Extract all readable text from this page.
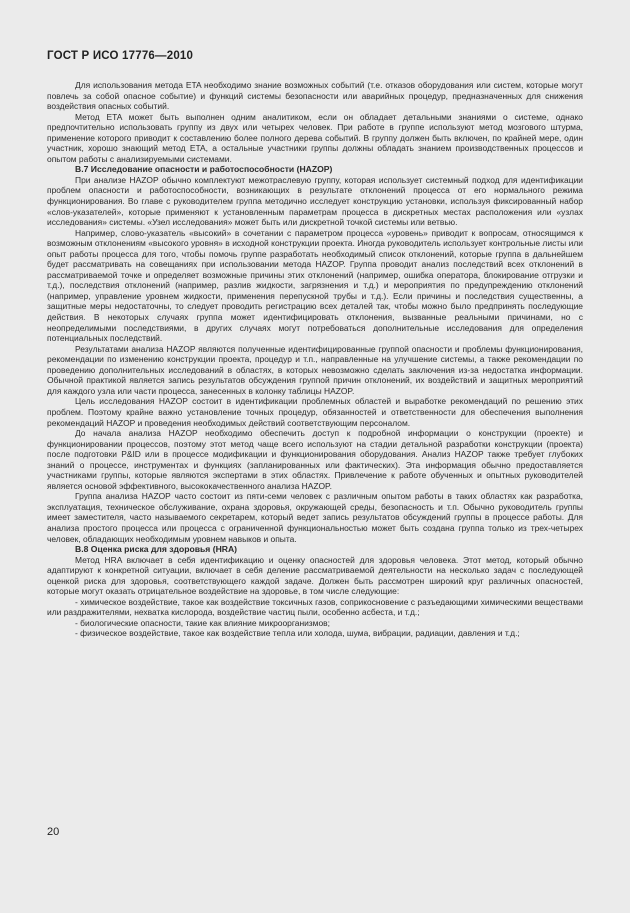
ГОСТ Р ИСО 17776—2010

Для использования метода ETA необходимо знание возможных событий (т.е. отказов оборудования или систем, которые могут повлечь за собой опасное событие) и функций системы безопасности или аварийных процедур, предназначенных для снижения воздействия опасных событий.

Метод ETA может быть выполнен одним аналитиком, если он обладает детальными знаниями о системе, однако предпочтительно использовать группу из двух или четырех человек. При работе в группе используют метод мозгового штурма, применение которого приводит к составлению более полного дерева событий. В группу должен быть включен, по крайней мере, один участник, хорошо знающий метод ETA, а остальные участники группы должны обладать знанием производственных процессов и опытом работы с анализируемыми системами.

В.7 Исследование опасности и работоспособности (HAZOP)

При анализе HAZOP обычно комплектуют межотраслевую группу, которая использует системный подход для идентификации проблем опасности и работоспособности, возникающих в результате отклонений процесса от его нормального режима функционирования. Во главе с руководителем группа методично исследует конструкцию установки, используя фиксированный набор «слов-указателей», которые применяют к установленным параметрам процесса в дискретных местах расположения или «узлах исследования» системы. «Узел исследования» может быть или дискретной точкой системы или ветвью.

Например, слово-указатель «высокий» в сочетании с параметром процесса «уровень» приводит к вопросам, относящимся к возможным отклонениям «высокого уровня» в исходной конструкции проекта. Иногда руководитель использует контрольные листы или опыт работы процесса для того, чтобы помочь группе разработать необходимый список отклонений, которые группа в дальнейшем будет рассматривать на совещаниях при использовании метода HAZOP. Группа проводит анализ последствий всех отклонений в рассматриваемой точке и определяет возможные причины этих отклонений (например, ошибка оператора, блокирование отгрузки и т.д.), последствия отклонений (например, разлив жидкости, загрязнения и т.д.) и мероприятия по предупреждению отклонений (например, управление уровнем жидкости, применения перепускной трубы и т.д.). Если причины и последствия существенны, а защитные меры недостаточны, то следует проводить регистрацию всех деталей так, чтобы можно было предпринять последующие действия. В некоторых случаях группа может идентифицировать отклонения, вызванные реальными причинами, но с неопределимыми последствиями, в других случаях могут потребоваться дополнительные исследования для определения потенциальных последствий.

Результатами анализа HAZOP являются полученные идентифицированные группой опасности и проблемы функционирования, рекомендации по изменению конструкции проекта, процедур и т.п., направленные на улучшение системы, а также рекомендации по проведению дополнительных исследований в областях, в которых невозможно сделать заключения из-за недостатка информации. Обычной практикой является запись результатов обсуждения группой причин отклонений, их воздействий и защитных мероприятий для каждого узла или части процесса, занесенных в колонку таблицы HAZOP.

Цель исследования HAZOP состоит в идентификации проблемных областей и выработке рекомендаций по решению этих проблем. Поэтому крайне важно установление точных процедур, обязанностей и ответственности для обеспечения выполнения рекомендаций HAZOP и проведения необходимых действий соответствующим персоналом.

До начала анализа HAZOP необходимо обеспечить доступ к подробной информации о конструкции (проекте) и функционировании процессов, поэтому этот метод чаще всего используют на стадии детальной разработки конструкции (проекта) после подготовки P&ID или в процессе модификации и функционирования оборудования. Анализ HAZOP также требует глубоких знаний о процессе, инструментах и функциях (запланированных или фактических). Эта информация обычно предоставляется участниками группы, которые являются экспертами в этих областях. Привлечение к работе обученных и опытных руководителей является основой эффективного, высококачественного анализа HAZOP.

Группа анализа HAZOP часто состоит из пяти-семи человек с различным опытом работы в таких областях как разработка, эксплуатация, техническое обслуживание, охрана здоровья, окружающей среды, безопасность и т.п. Обычно руководитель группы имеет заместителя, часто называемого секретарем, который ведет запись результатов обсуждений группы в процессе работы. Для анализа простого процесса или процесса с ограниченной функциональностью может быть создана группа только из трех-четырех человек, обладающих необходимым уровнем навыков и опыта.

В.8 Оценка риска для здоровья (HRA)

Метод HRA включает в себя идентификацию и оценку опасностей для здоровья человека. Этот метод, который обычно адаптируют к конкретной ситуации, включает в себя деление рассматриваемой деятельности на несколько задач с последующей оценкой риска для здоровья, соответствующего каждой задаче. Должен быть рассмотрен широкий круг различных опасностей, которые могут оказать отрицательное воздействие на здоровье, в том числе следующие:

- химическое воздействие, такое как воздействие токсичных газов, соприкосновение с разъедающими химическими веществами или раздражителями, нехватка кислорода, воздействие частиц пыли, особенно асбеста, и т.д.;

- биологические опасности, такие как влияние микроорганизмов;

- физическое воздействие, такое как воздействие тепла или холода, шума, вибрации, радиации, давления и т.д.;

20
